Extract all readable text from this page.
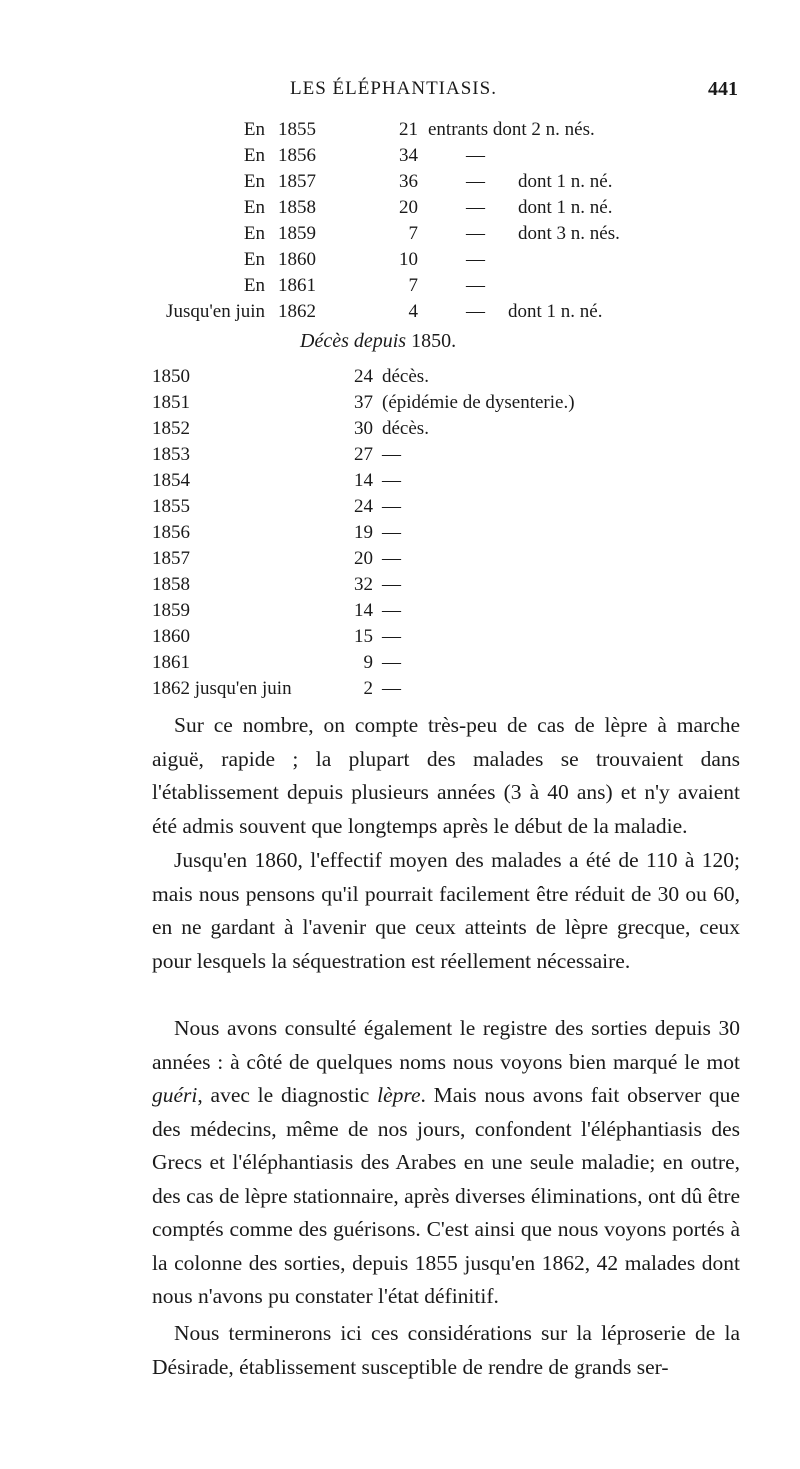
LES ÉLÉPHANTIASIS.	441
En 1855	21 entrants dont 2 n. nés.
En 1856	34	—
En 1857	36	— dont 1 n. né.
En 1858	20	— dont 1 n. né.
En 1859	7	— dont 3 n. nés.
En 1860	10	—
En 1861	7	—
Jusqu'en juin 1862	4	— dont 1 n. né.
Décès depuis 1850.
1850	24 décès.
1851	37 (épidémie de dysenterie.)
1852	30 décès.
1853	27 —
1854	14 —
1855	24 —
1856	19 —
1857	20 —
1858	32 —
1859	14 —
1860	15 —
1861	9 —
1862 jusqu'en juin	2 —
Sur ce nombre, on compte très-peu de cas de lèpre à marche aiguë, rapide ; la plupart des malades se trouvaient dans l'établissement depuis plusieurs années (3 à 40 ans) et n'y avaient été admis souvent que longtemps après le début de la maladie.
Jusqu'en 1860, l'effectif moyen des malades a été de 110 à 120; mais nous pensons qu'il pourrait facilement être réduit de 30 ou 60, en ne gardant à l'avenir que ceux atteints de lèpre grecque, ceux pour lesquels la séquestration est réellement nécessaire.
Nous avons consulté également le registre des sorties depuis 30 années : à côté de quelques noms nous voyons bien marqué le mot guéri, avec le diagnostic lèpre. Mais nous avons fait observer que des médecins, même de nos jours, confondent l'éléphantiasis des Grecs et l'éléphantiasis des Arabes en une seule maladie; en outre, des cas de lèpre stationnaire, après diverses éliminations, ont dû être comptés comme des guérisons. C'est ainsi que nous voyons portés à la colonne des sorties, depuis 1855 jusqu'en 1862, 42 malades dont nous n'avons pu constater l'état définitif.
Nous terminerons ici ces considérations sur la léproserie de la Désirade, établissement susceptible de rendre de grands ser-
